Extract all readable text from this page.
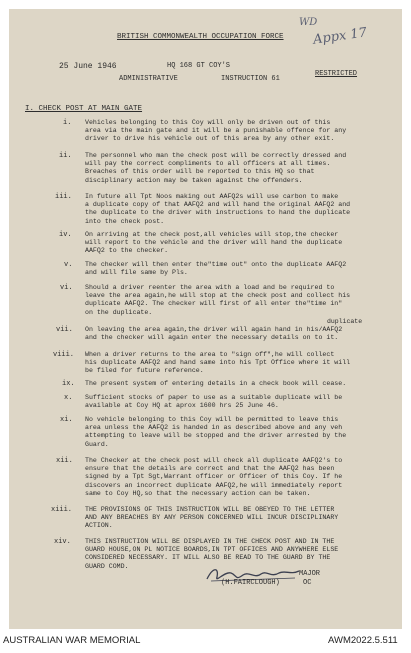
WD
Appx 17
BRITISH COMMONWEALTH OCCUPATION FORCE
25 June 1946	HQ 168 GT COY'S
ADMINISTRATIVE	INSTRUCTION 61
RESTRICTED
I. CHECK POST AT MAIN GATE
i. Vehicles belonging to this Coy will only be driven out of this
area via the main gate and it will be a punishable offence for any
driver to drive his vehicle out of this area by any other exit.
ii. The personnel who man the check post will be correctly dressed and
will pay the correct compliments to all officers at all times.
Breaches of this order will be reported to this HQ so that
disciplinary action may be taken against the offenders.
iii. In future all Tpt Noos making out AAFQ2s will use carbon to make
a duplicate copy of that AAFQ2 and will hand the original AAFQ2 and
the duplicate to the driver with instructions to hand the duplicate
into the check post.
iv. On arriving at the check post,all vehicles will stop,the checker
will report to the vehicle and the driver will hand the duplicate
AAFQ2 to the checker.
v. The checker will then enter the"time out" onto the duplicate AAFQ2
and will file same by Pls.
vi. Should a driver reenter the area with a load and be required to
leave the area again,he will stop at the check post and collect his
duplicate AAFQ2. The checker will first of all enter the"time in"
on the duplicate.
duplicate
vii. On leaving the area again,the driver will again hand in his/AAFQ2
and the checker will again enter the necessary details on to it.
viii. When a driver returns to the area to "sign off",he will collect
his duplicate AAFQ2 and hand same into his Tpt Office where it will
be filed for future reference.
ix. The present system of entering details in a check book will cease.
x. Sufficient stocks of paper to use as a suitable duplicate will be
available at Coy HQ at aprox 1600 hrs 25 June 46.
xi. No vehicle belonging to this Coy will be permitted to leave this
area unless the AAFQ2 is handed in as described above and any veh
attempting to leave will be stopped and the driver arrested by the
Guard.
xii. The Checker at the check post will check all duplicate AAFQ2's to
ensure that the details are correct and that the AAFQ2 has been
signed by a Tpt Sgt,Warrant officer or Officer of this Coy. If he
discovers an incorrect duplicate AAFQ2,he will immediately report
same to Coy HQ,so that the necessary action can be taken.
xiii. THE PROVISIONS OF THIS INSTRUCTION WILL BE OBEYED TO THE LETTER
AND ANY BREACHES BY ANY PERSON CONCERNED WILL INCUR DISCIPLINARY
ACTION.
xiv. THIS INSTRUCTION WILL BE DISPLAYED IN THE CHECK POST AND IN THE
GUARD HOUSE,ON PL NOTICE BOARDS,IN TPT OFFICES AND ANYWHERE ELSE
CONSIDERED NECESSARY. IT WILL ALSO BE READ TO THE GUARD BY THE
GUARD COMD.
MAJOR
(H.FAIRCLOUGH)	OC
AUSTRALIAN WAR MEMORIAL	AWM2022.5.511
